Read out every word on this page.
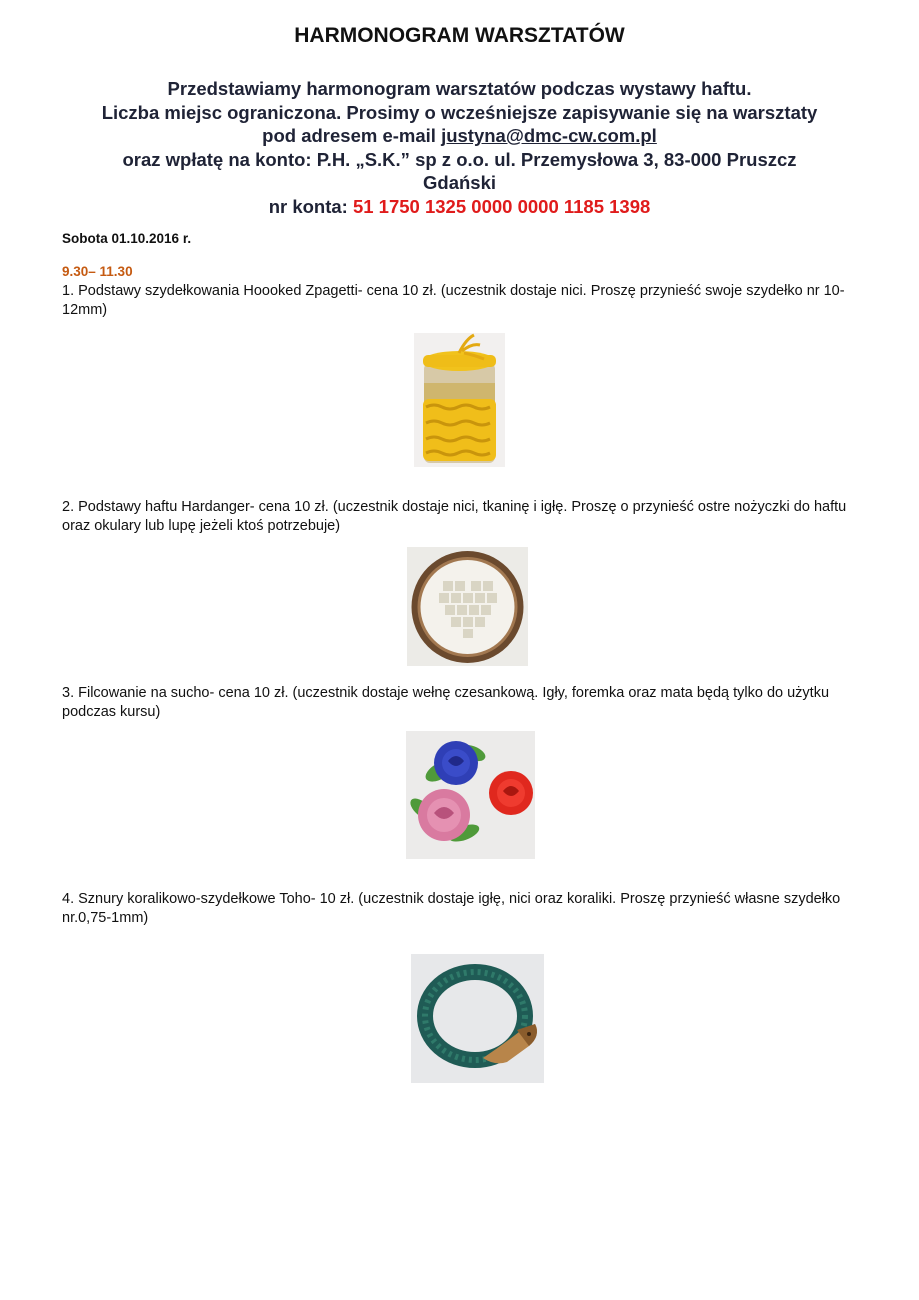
HARMONOGRAM WARSZTATÓW
Przedstawiamy harmonogram warsztatów podczas wystawy haftu.
Liczba miejsc ograniczona. Prosimy o wcześniejsze zapisywanie się na warsztaty
pod adresem e-mail justyna@dmc-cw.com.pl
oraz wpłatę na konto: P.H. „S.K.” sp z o.o. ul. Przemysłowa 3, 83-000 Pruszcz
Gdański
nr konta: 51 1750 1325 0000 0000 1185 1398
Sobota 01.10.2016 r.
9.30– 11.30
1. Podstawy szydełkowania Hoooked Zpagetti- cena 10 zł. (uczestnik dostaje nici. Proszę przynieść swoje szydełko nr 10-12mm)
2. Podstawy haftu Hardanger- cena 10 zł. (uczestnik dostaje nici, tkaninę i igłę. Proszę o przynieść ostre nożyczki do haftu oraz okulary lub lupę jeżeli ktoś potrzebuje)
3. Filcowanie na sucho- cena 10 zł. (uczestnik dostaje wełnę czesankową. Igły, foremka oraz mata będą tylko do użytku podczas kursu)
4. Sznury koralikowo-szydełkowe Toho- 10 zł. (uczestnik dostaje igłę, nici oraz koraliki. Proszę przynieść własne szydełko nr.0,75-1mm)
